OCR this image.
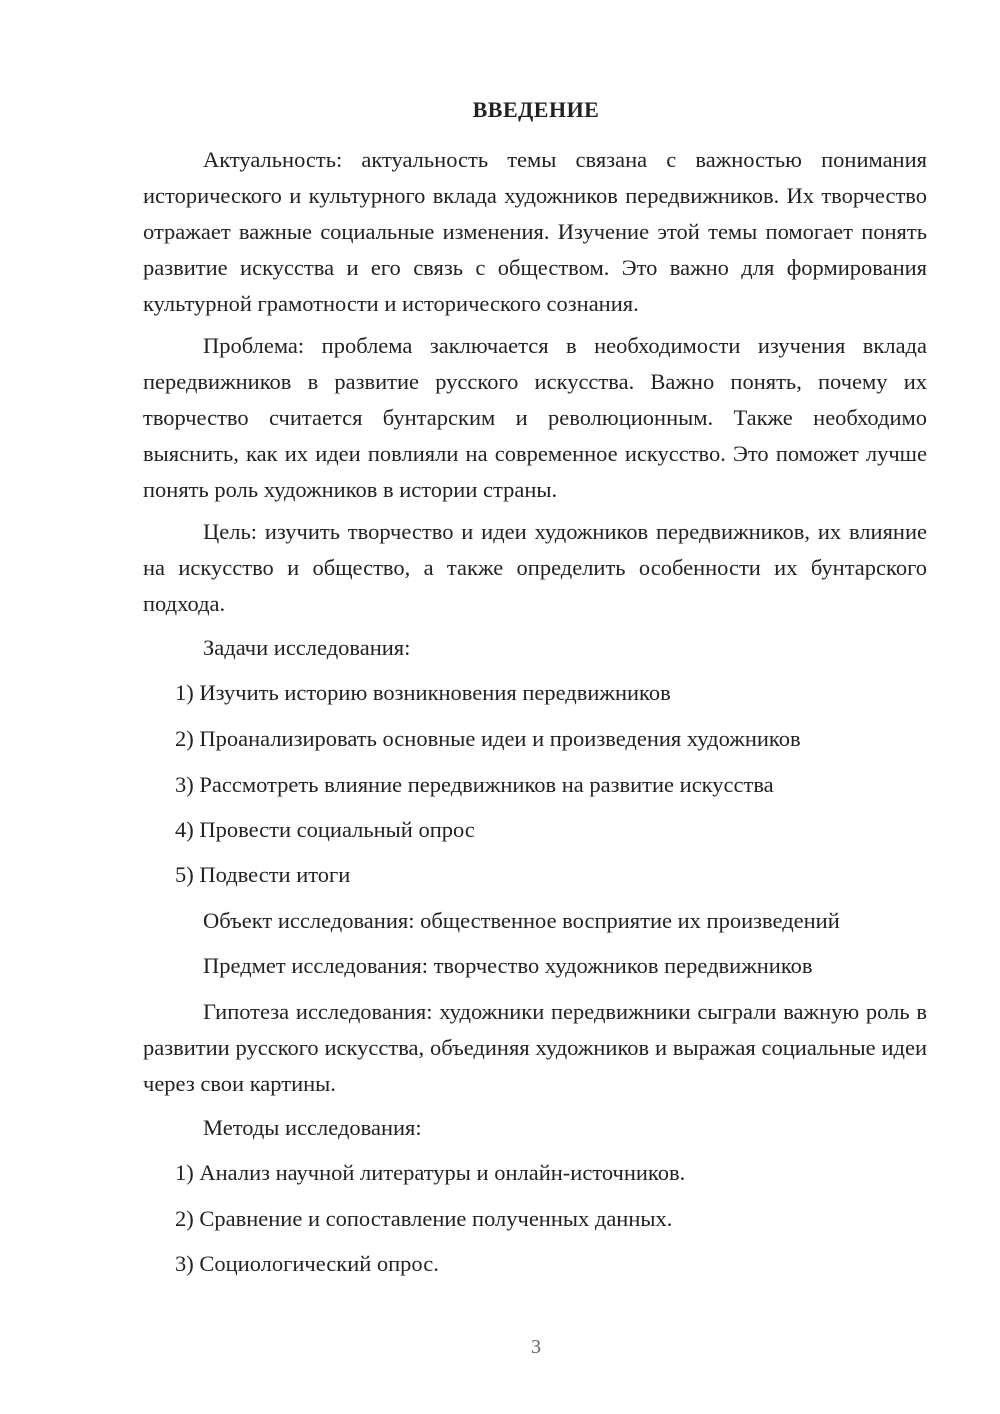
ВВЕДЕНИЕ

Актуальность: актуальность темы связана с важностью понимания исторического и культурного вклада художников передвижников. Их творчество отражает важные социальные изменения. Изучение этой темы помогает понять развитие искусства и его связь с обществом. Это важно для формирования культурной грамотности и исторического сознания.

Проблема: проблема заключается в необходимости изучения вклада передвижников в развитие русского искусства. Важно понять, почему их творчество считается бунтарским и революционным. Также необходимо выяснить, как их идеи повлияли на современное искусство. Это поможет лучше понять роль художников в истории страны.

Цель: изучить творчество и идеи художников передвижников, их влияние на искусство и общество, а также определить особенности их бунтарского подхода.

Задачи исследования:

1) Изучить историю возникновения передвижников

2) Проанализировать основные идеи и произведения художников

3) Рассмотреть влияние передвижников на развитие искусства

4) Провести социальный опрос

5) Подвести итоги

Объект исследования: общественное восприятие их произведений

Предмет исследования: творчество художников передвижников

Гипотеза исследования: художники передвижники сыграли важную роль в развитии русского искусства, объединяя художников и выражая социальные идеи через свои картины.

Методы исследования:

1) Анализ научной литературы и онлайн-источников.

2) Сравнение и сопоставление полученных данных.

3) Социологический опрос.

3
